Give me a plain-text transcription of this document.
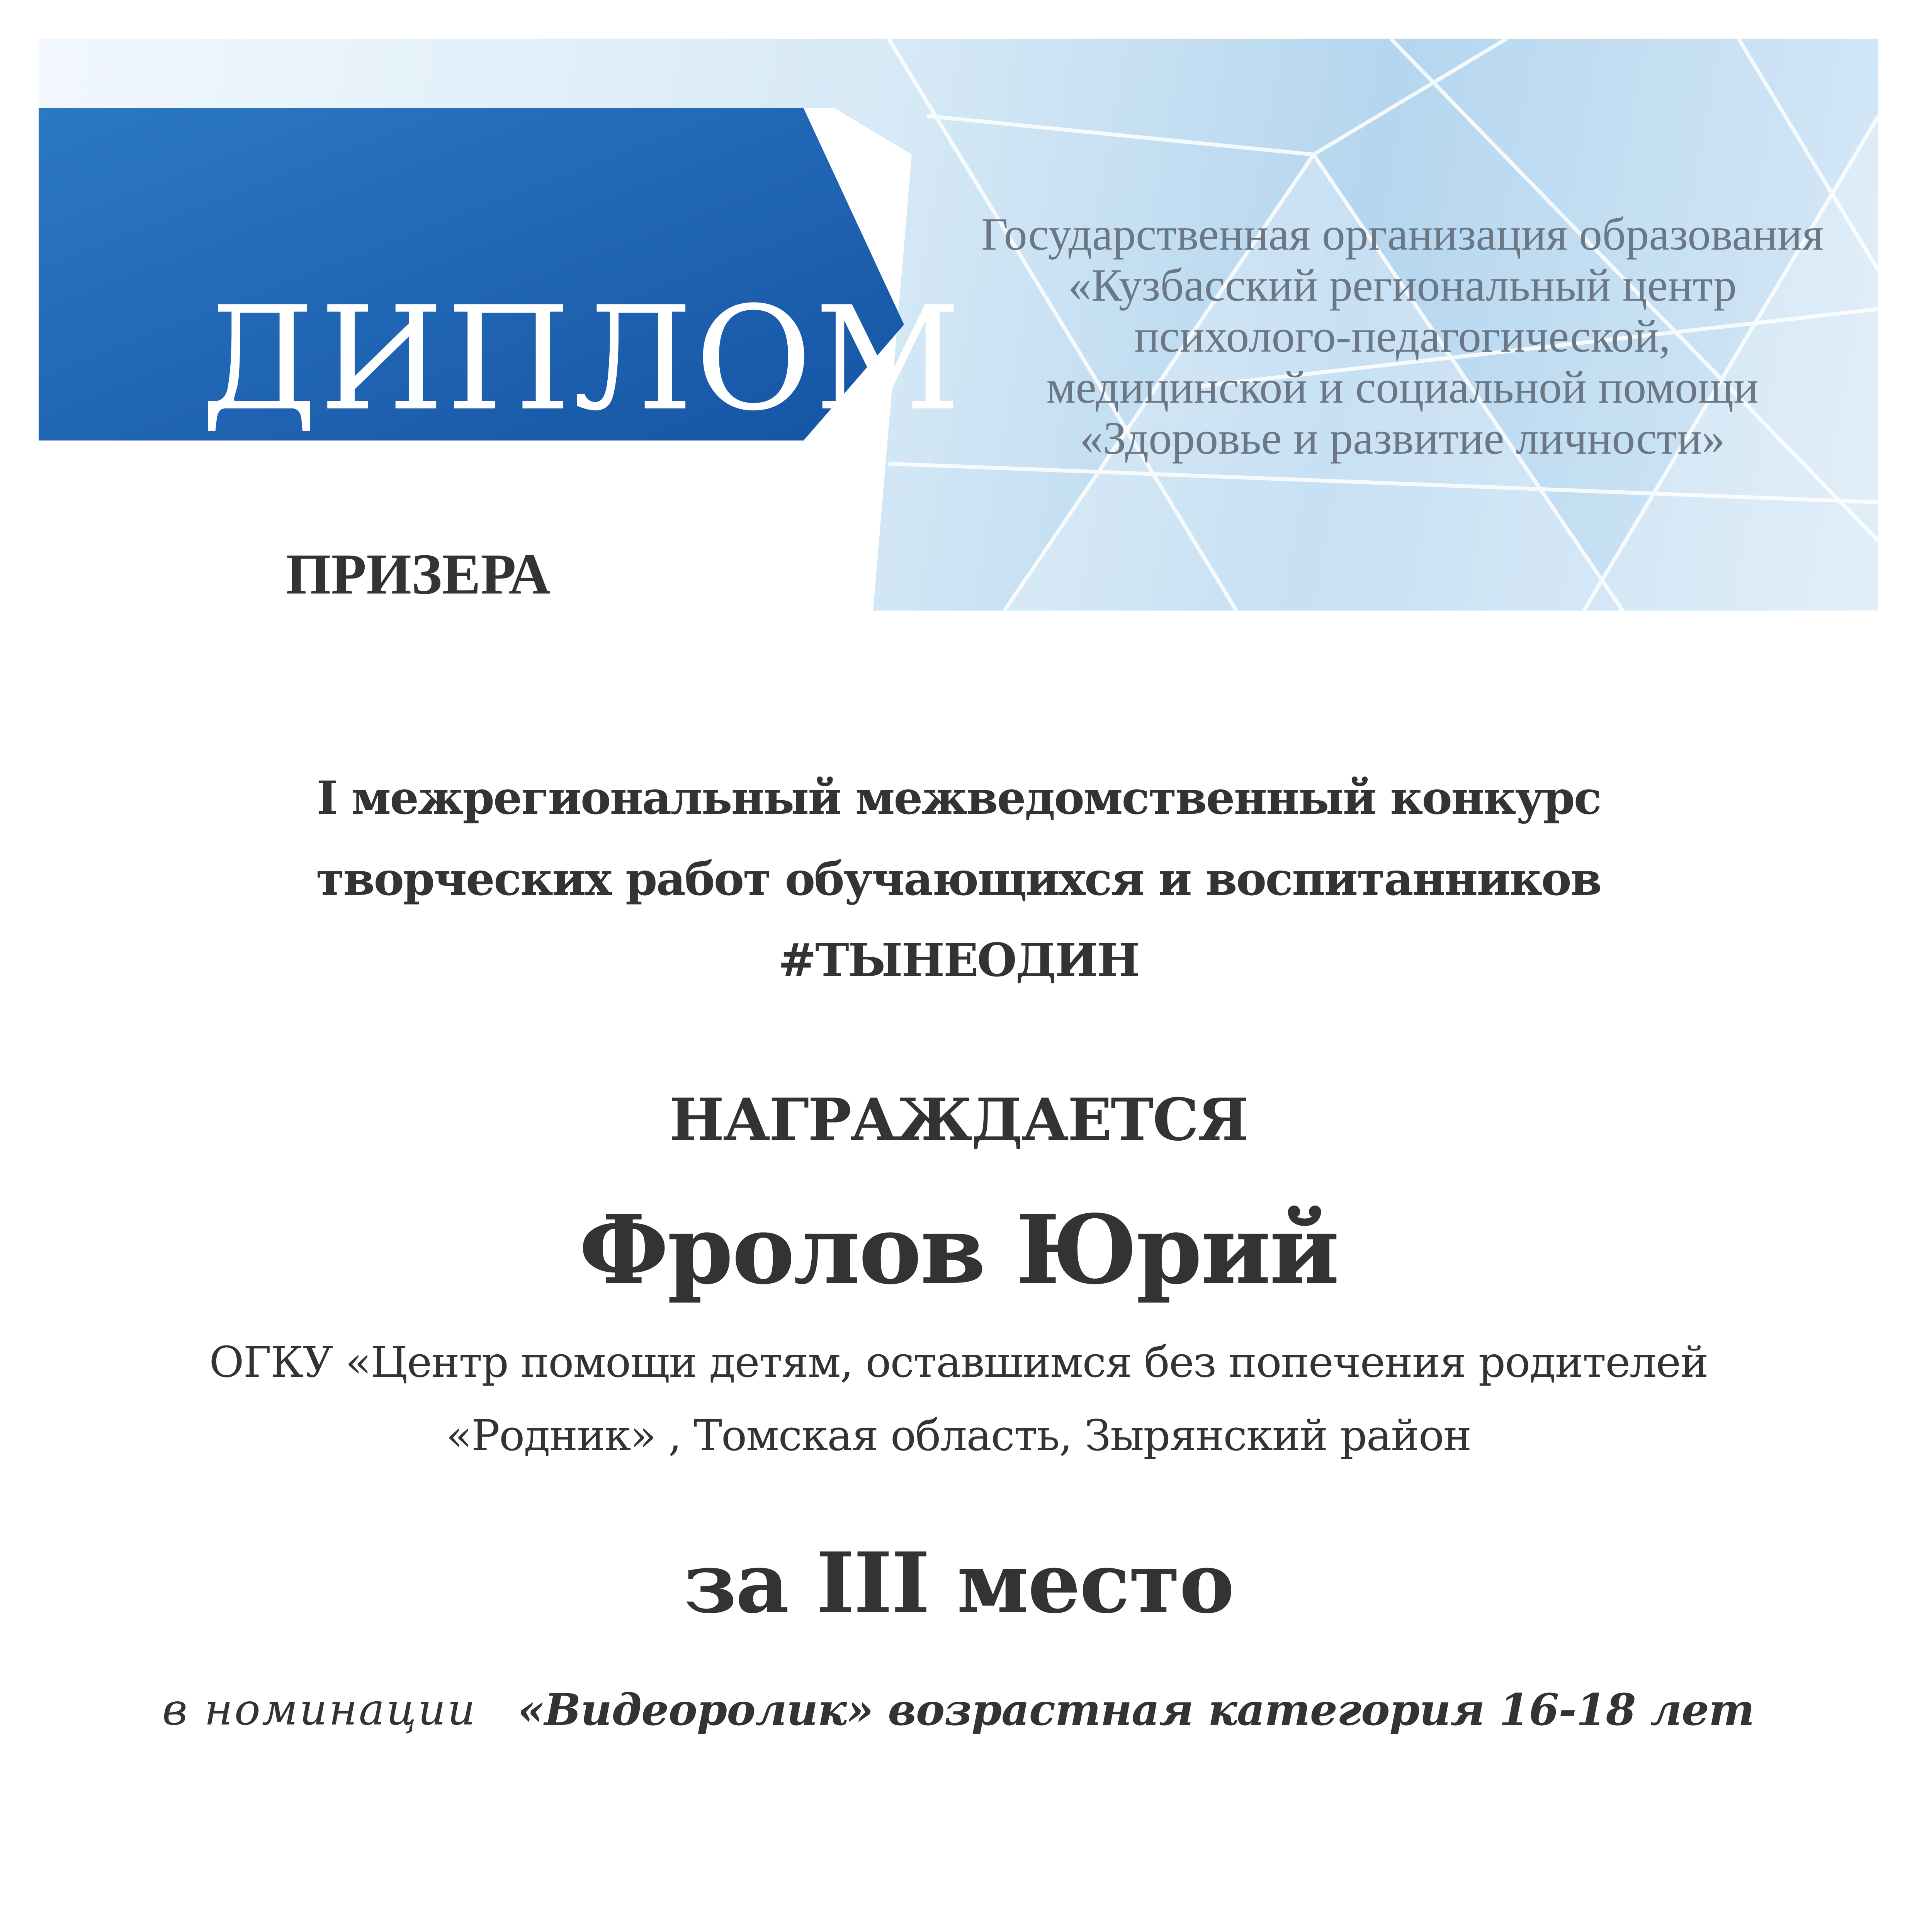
ДИПЛОМ
Государственная организация образования
«Кузбасский региональный центр
психолого-педагогической,
медицинской и социальной помощи
«Здоровье и развитие личности»
ПРИЗЕРА
I межрегиональный межведомственный конкурс
творческих работ обучающихся и воспитанников
#ТЫНЕОДИН
НАГРАЖДАЕТСЯ
Фролов Юрий
ОГКУ «Центр помощи детям, оставшимся без попечения родителей
«Родник» , Томская область, Зырянский район
за III место
в номинации «Видеоролик» возрастная категория 16-18 лет
